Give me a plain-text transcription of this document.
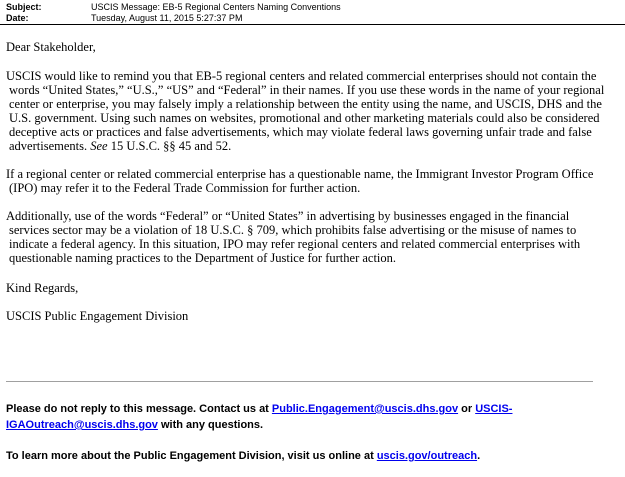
Subject:	USCIS Message: EB-5 Regional Centers Naming Conventions
Date:	Tuesday, August 11, 2015 5:27:37 PM

Dear Stakeholder,

USCIS would like to remind you that EB-5 regional centers and related commercial enterprises should not contain the words “United States,” “U.S.,” “US” and “Federal” in their names. If you use these words in the name of your regional center or enterprise, you may falsely imply a relationship between the entity using the name, and USCIS, DHS and the U.S. government. Using such names on websites, promotional and other marketing materials could also be considered deceptive acts or practices and false advertisements, which may violate federal laws governing unfair trade and false advertisements. See 15 U.S.C. §§ 45 and 52.

If a regional center or related commercial enterprise has a questionable name, the Immigrant Investor Program Office (IPO) may refer it to the Federal Trade Commission for further action.

Additionally, use of the words “Federal” or “United States” in advertising by businesses engaged in the financial services sector may be a violation of 18 U.S.C. § 709, which prohibits false advertising or the misuse of names to indicate a federal agency. In this situation, IPO may refer regional centers and related commercial enterprises with questionable naming practices to the Department of Justice for further action.

Kind Regards,

USCIS Public Engagement Division

Please do not reply to this message. Contact us at Public.Engagement@uscis.dhs.gov or USCIS-IGAOutreach@uscis.dhs.gov with any questions.

To learn more about the Public Engagement Division, visit us online at uscis.gov/outreach.
